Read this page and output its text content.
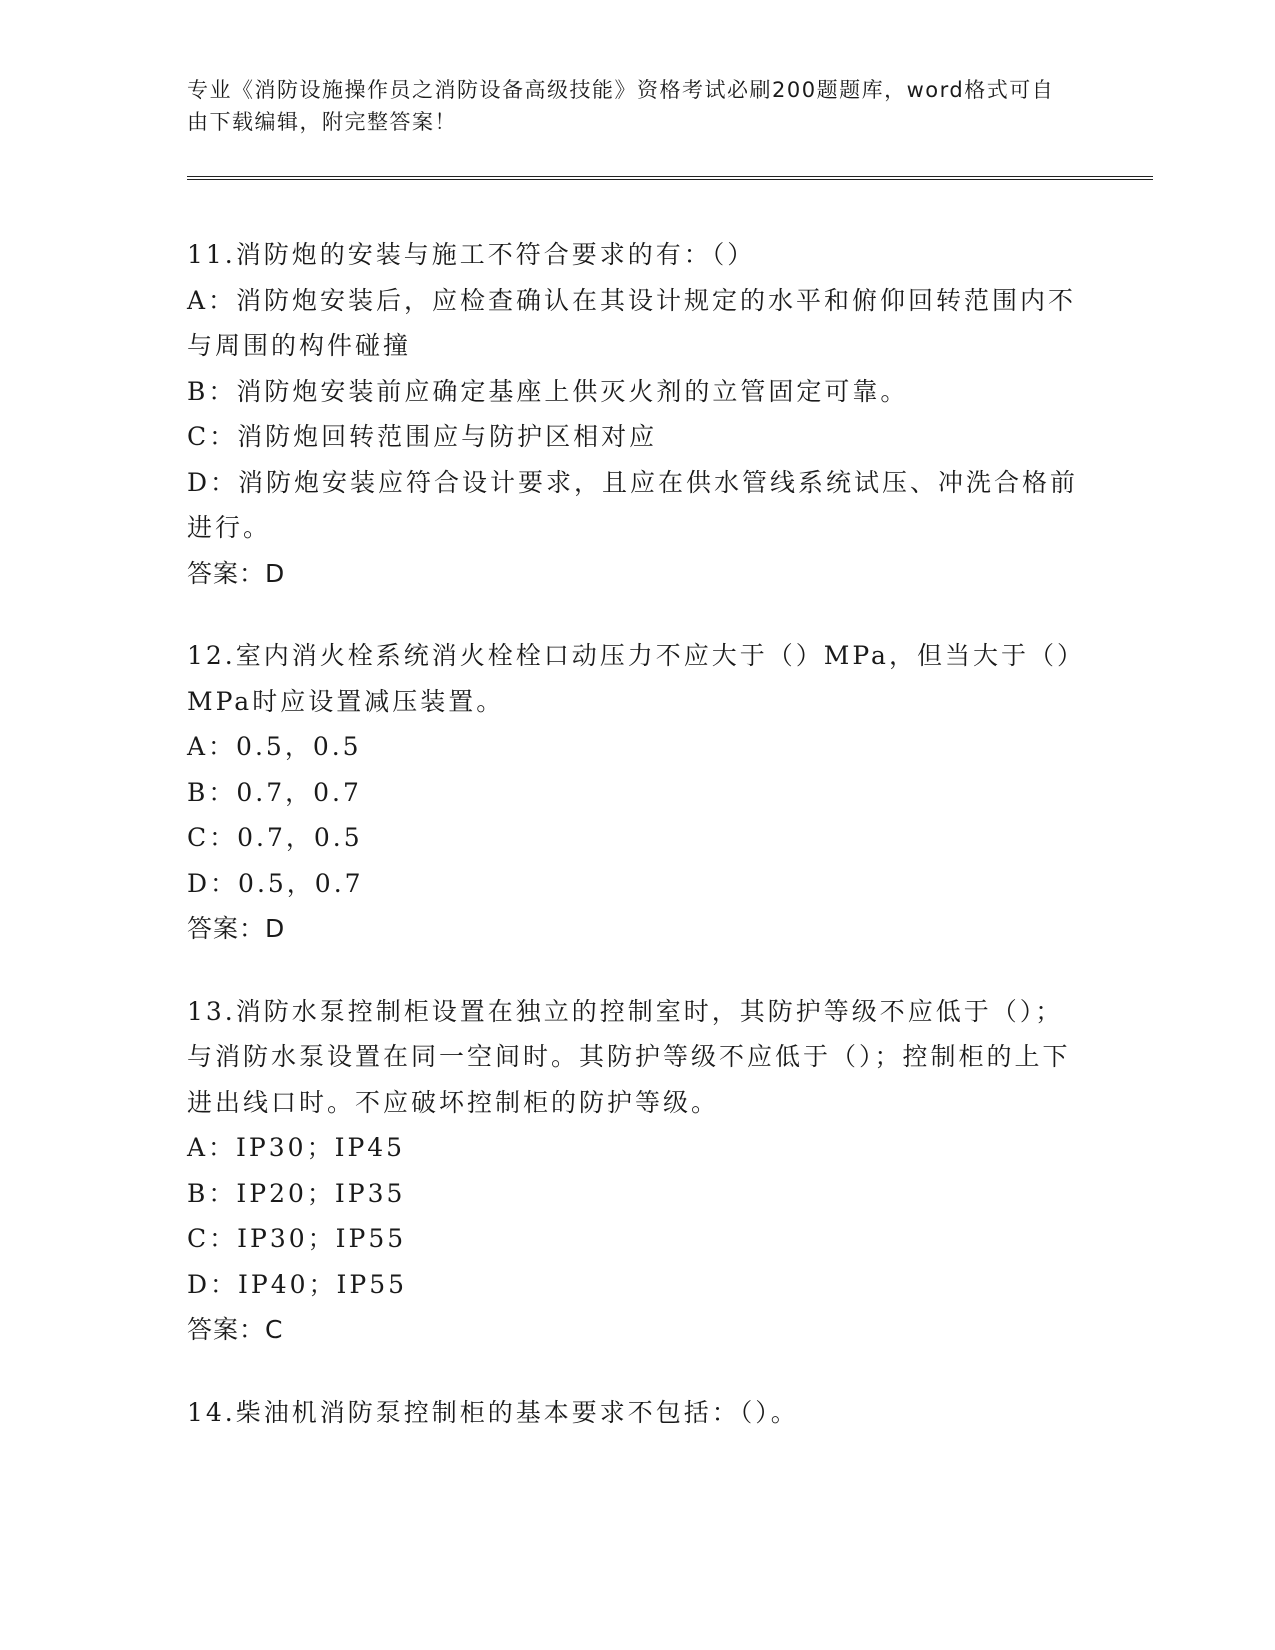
专业《消防设施操作员之消防设备高级技能》资格考试必刷200题题库，word格式可自由下载编辑，附完整答案！

11.消防炮的安装与施工不符合要求的有：（）

A：消防炮安装后，应检查确认在其设计规定的水平和俯仰回转范围内不与周围的构件碰撞

B：消防炮安装前应确定基座上供灭火剂的立管固定可靠。

C：消防炮回转范围应与防护区相对应

D：消防炮安装应符合设计要求，且应在供水管线系统试压、冲洗合格前进行。

答案：D

12.室内消火栓系统消火栓栓口动压力不应大于（）MPa，但当大于（）MPa时应设置减压装置。

A：0.5，0.5

B：0.7，0.7

C：0.7，0.5

D：0.5，0.7

答案：D

13.消防水泵控制柜设置在独立的控制室时，其防护等级不应低于（）；与消防水泵设置在同一空间时。其防护等级不应低于（）；控制柜的上下进出线口时。不应破坏控制柜的防护等级。

A：IP30；IP45

B：IP20；IP35

C：IP30；IP55

D：IP40；IP55

答案：C

14.柴油机消防泵控制柜的基本要求不包括：（）。
